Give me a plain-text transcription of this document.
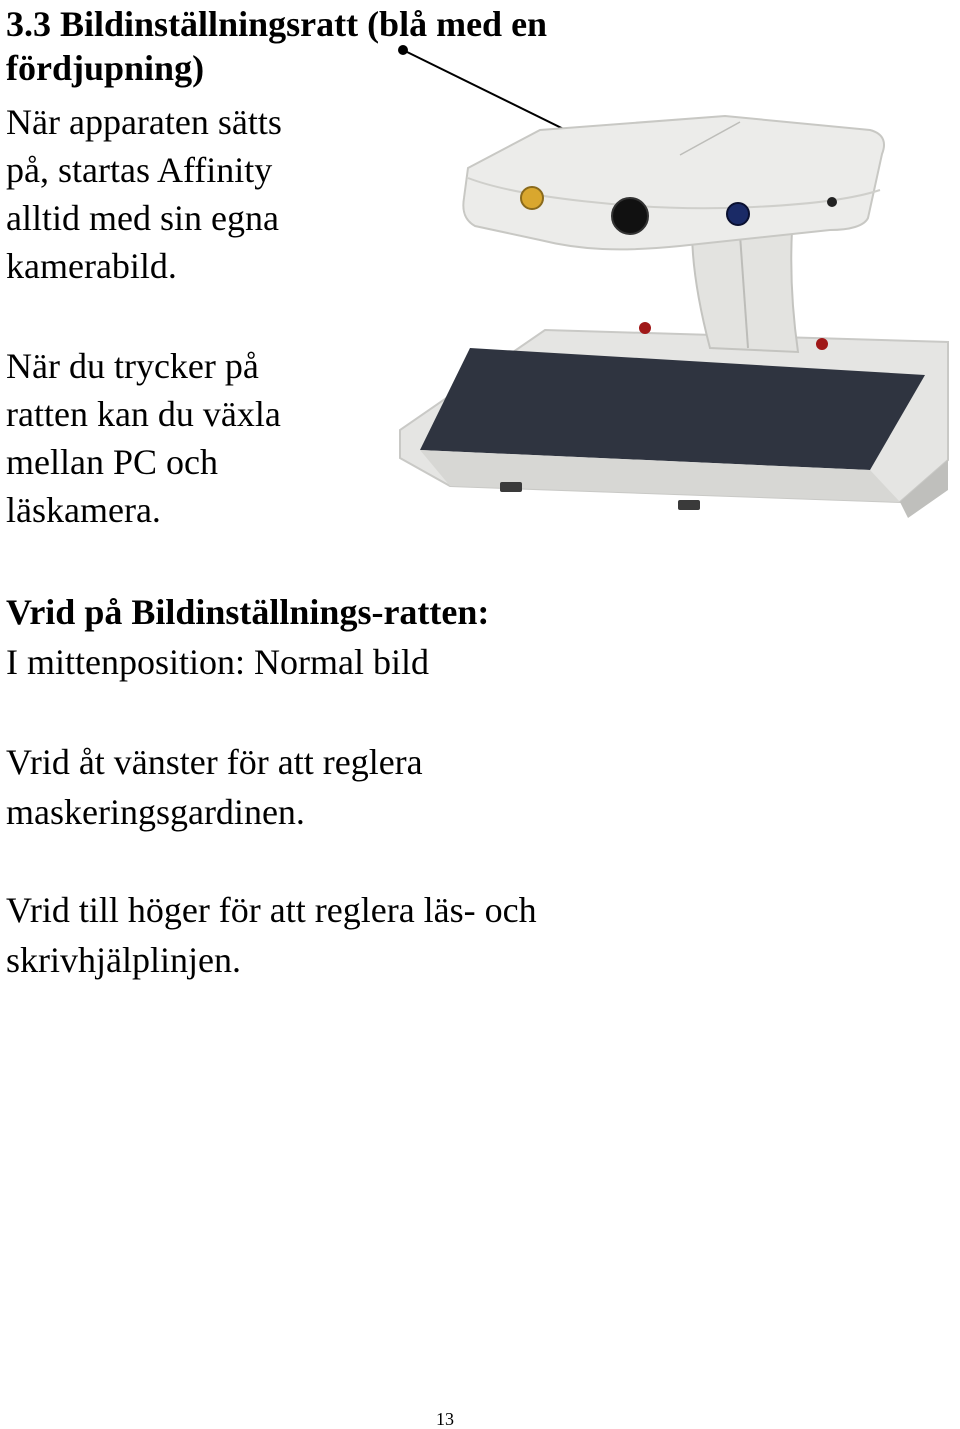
3.3 Bildinställningsratt (blå med en
fördjupning)
När apparaten sätts
på, startas Affinity
alltid med sin egna
kamerabild.
När du trycker på
ratten kan du växla
mellan PC och
läskamera.
Vrid på Bildinställnings-ratten:
I mittenposition: Normal bild
Vrid åt vänster för att reglera
maskeringsgardinen.
Vrid till höger för att reglera läs- och
skrivhjälplinjen.
13
